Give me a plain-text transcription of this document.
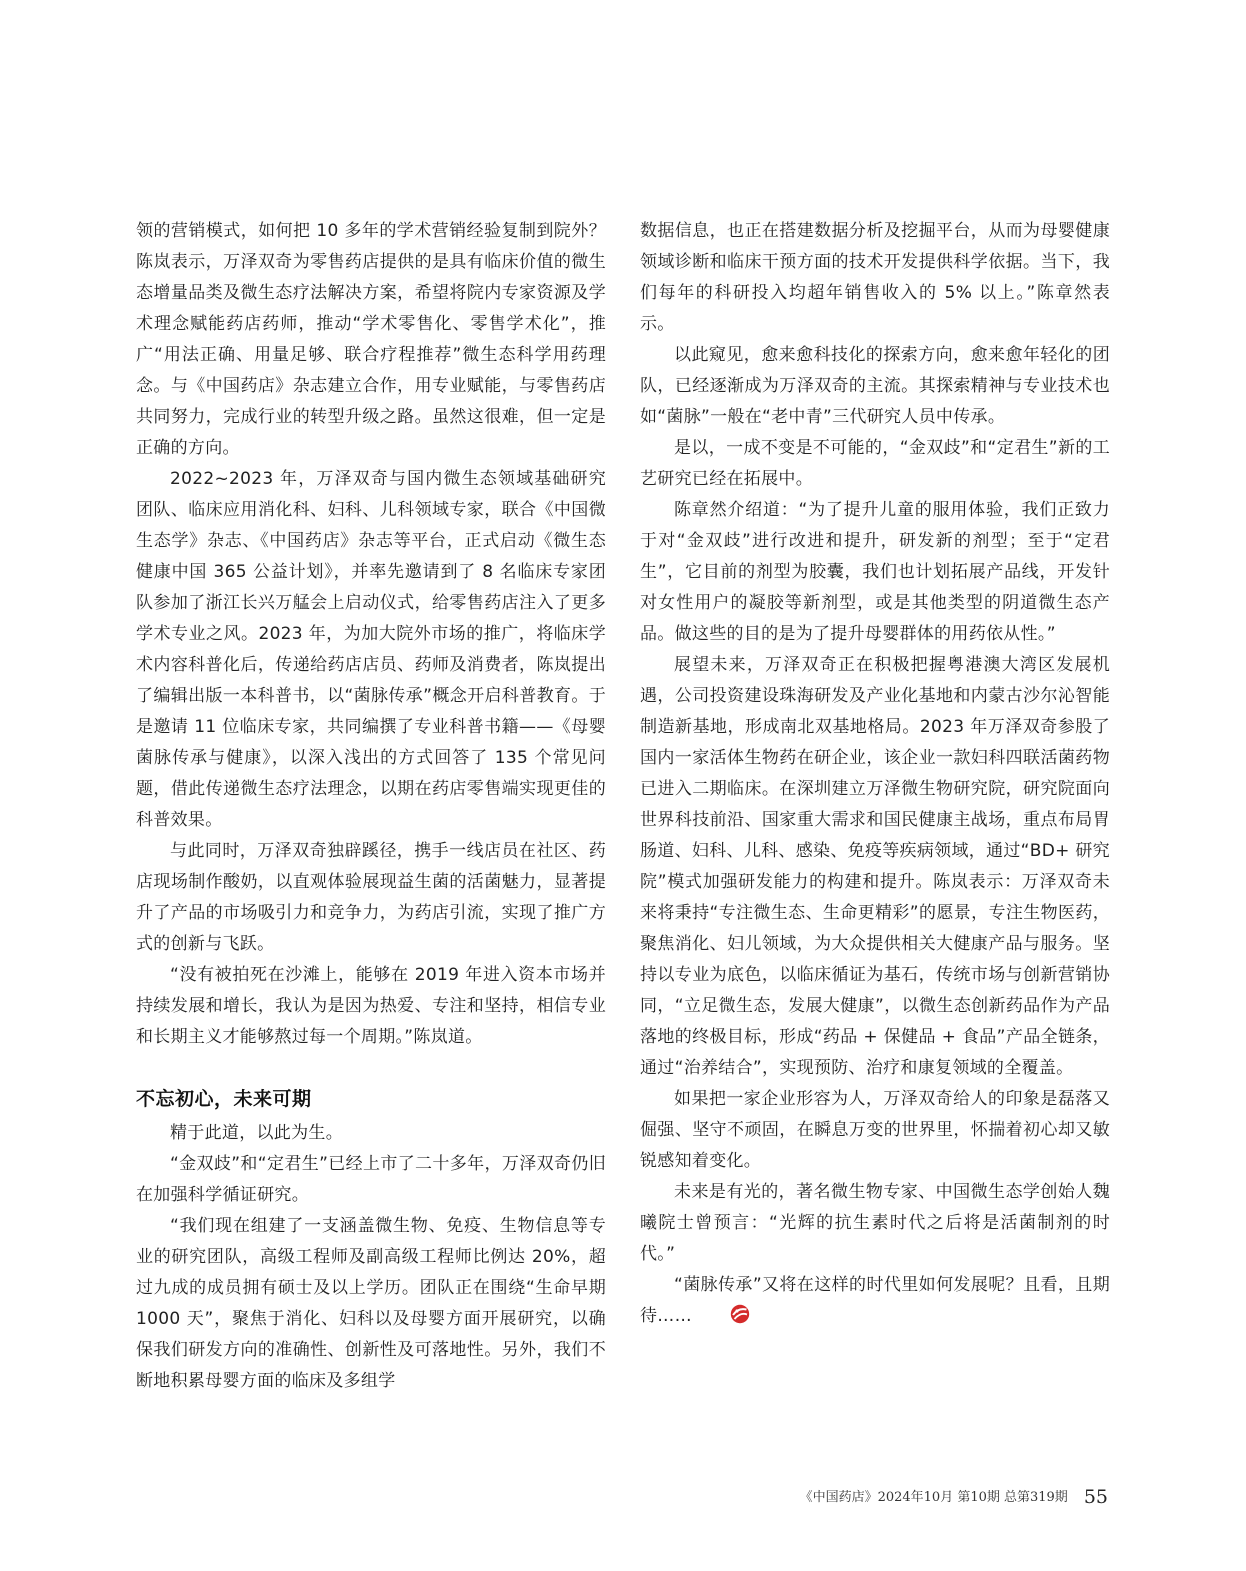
领的营销模式，如何把 10 多年的学术营销经验复制到院外？陈岚表示，万泽双奇为零售药店提供的是具有临床价值的微生态增量品类及微生态疗法解决方案，希望将院内专家资源及学术理念赋能药店药师，推动“学术零售化、零售学术化”，推广“用法正确、用量足够、联合疗程推荐”微生态科学用药理念。与《中国药店》杂志建立合作，用专业赋能，与零售药店共同努力，完成行业的转型升级之路。虽然这很难，但一定是正确的方向。

2022~2023 年，万泽双奇与国内微生态领域基础研究团队、临床应用消化科、妇科、儿科领域专家，联合《中国微生态学》杂志、《中国药店》杂志等平台，正式启动《微生态健康中国 365 公益计划》，并率先邀请到了 8 名临床专家团队参加了浙江长兴万艋会上启动仪式，给零售药店注入了更多学术专业之风。2023 年，为加大院外市场的推广，将临床学术内容科普化后，传递给药店店员、药师及消费者，陈岚提出了编辑出版一本科普书，以“菌脉传承”概念开启科普教育。于是邀请 11 位临床专家，共同编撰了专业科普书籍——《母婴菌脉传承与健康》，以深入浅出的方式回答了 135 个常见问题，借此传递微生态疗法理念，以期在药店零售端实现更佳的科普效果。

与此同时，万泽双奇独辟蹊径，携手一线店员在社区、药店现场制作酸奶，以直观体验展现益生菌的活菌魅力，显著提升了产品的市场吸引力和竞争力，为药店引流，实现了推广方式的创新与飞跃。

“没有被拍死在沙滩上，能够在 2019 年进入资本市场并持续发展和增长，我认为是因为热爱、专注和坚持，相信专业和长期主义才能够熬过每一个周期。”陈岚道。

不忘初心，未来可期

精于此道，以此为生。

“金双歧”和“定君生”已经上市了二十多年，万泽双奇仍旧在加强科学循证研究。

“我们现在组建了一支涵盖微生物、免疫、生物信息等专业的研究团队，高级工程师及副高级工程师比例达 20%，超过九成的成员拥有硕士及以上学历。团队正在围绕“生命早期 1000 天”，聚焦于消化、妇科以及母婴方面开展研究，以确保我们研发方向的准确性、创新性及可落地性。另外，我们不断地积累母婴方面的临床及多组学

数据信息，也正在搭建数据分析及挖掘平台，从而为母婴健康领域诊断和临床干预方面的技术开发提供科学依据。当下，我们每年的科研投入均超年销售收入的 5% 以上。”陈章然表示。

以此窥见，愈来愈科技化的探索方向，愈来愈年轻化的团队，已经逐渐成为万泽双奇的主流。其探索精神与专业技术也如“菌脉”一般在“老中青”三代研究人员中传承。

是以，一成不变是不可能的，“金双歧”和“定君生”新的工艺研究已经在拓展中。

陈章然介绍道：“为了提升儿童的服用体验，我们正致力于对“金双歧”进行改进和提升，研发新的剂型；至于“定君生”，它目前的剂型为胶囊，我们也计划拓展产品线，开发针对女性用户的凝胶等新剂型，或是其他类型的阴道微生态产品。做这些的目的是为了提升母婴群体的用药依从性。”

展望未来，万泽双奇正在积极把握粤港澳大湾区发展机遇，公司投资建设珠海研发及产业化基地和内蒙古沙尔沁智能制造新基地，形成南北双基地格局。2023 年万泽双奇参股了国内一家活体生物药在研企业，该企业一款妇科四联活菌药物已进入二期临床。在深圳建立万泽微生物研究院，研究院面向世界科技前沿、国家重大需求和国民健康主战场，重点布局胃肠道、妇科、儿科、感染、免疫等疾病领域，通过“BD+ 研究院”模式加强研发能力的构建和提升。陈岚表示：万泽双奇未来将秉持“专注微生态、生命更精彩”的愿景，专注生物医药，聚焦消化、妇儿领域，为大众提供相关大健康产品与服务。坚持以专业为底色，以临床循证为基石，传统市场与创新营销协同，“立足微生态，发展大健康”，以微生态创新药品作为产品落地的终极目标，形成“药品 + 保健品 + 食品”产品全链条，通过“治养结合”，实现预防、治疗和康复领域的全覆盖。

如果把一家企业形容为人，万泽双奇给人的印象是磊落又倔强、坚守不顽固，在瞬息万变的世界里，怀揣着初心却又敏锐感知着变化。

未来是有光的，著名微生物专家、中国微生态学创始人魏曦院士曾预言：“光辉的抗生素时代之后将是活菌制剂的时代。”

“菌脉传承”又将在这样的时代里如何发展呢？且看，且期待……

《中国药店》2024年10月 第10期 总第319期 55
